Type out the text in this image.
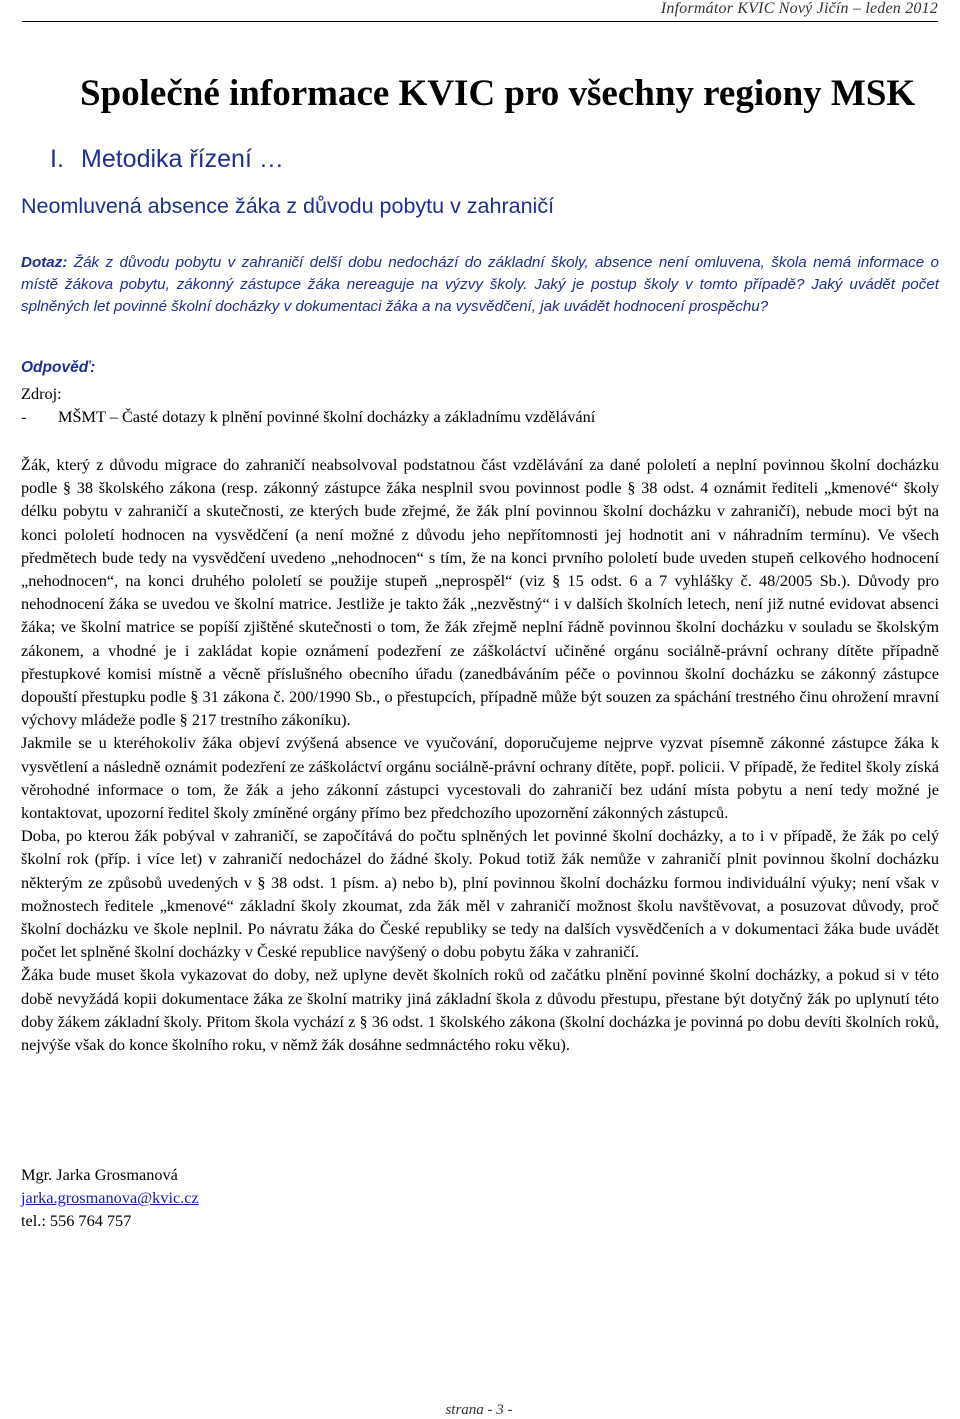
Informátor KVIC Nový Jičín – leden 2012
Společné informace KVIC pro všechny regiony MSK
I. Metodika řízení …
Neomluvená absence žáka z důvodu pobytu v zahraničí
Dotaz: Žák z důvodu pobytu v zahraničí delší dobu nedochází do základní školy, absence není omluvena, škola nemá informace o místě žákova pobytu, zákonný zástupce žáka nereaguje na výzvy školy. Jaký je postup školy v tomto případě? Jaký uvádět počet splněných let povinné školní docházky v dokumentaci žáka a na vysvědčení, jak uvádět hodnocení prospěchu?
Odpověď:
Zdroj:
- MŠMT – Časté dotazy k plnění povinné školní docházky a základnímu vzdělávání

Žák, který z důvodu migrace do zahraničí neabsolvoval podstatnou část vzdělávání za dané pololetí a neplní povinnou školní docházku podle § 38 školského zákona (resp. zákonný zástupce žáka nesplnil svou povinnost podle § 38 odst. 4 oznámit řediteli „kmenové“ školy délku pobytu v zahraničí a skutečnosti, ze kterých bude zřejmé, že žák plní povinnou školní docházku v zahraničí), nebude moci být na konci pololetí hodnocen na vysvědčení (a není možné z důvodu jeho nepřítomnosti jej hodnotit ani v náhradním termínu). Ve všech předmětech bude tedy na vysvědčení uvedeno „nehodnocen“ s tím, že na konci prvního pololetí bude uveden stupeň celkového hodnocení „nehodnocen“, na konci druhého pololetí se použije stupeň „neprospěl“ (viz § 15 odst. 6 a 7 vyhlášky č. 48/2005 Sb.). Důvody pro nehodnocení žáka se uvedou ve školní matrice. Jestliže je takto žák „nezvěstný“ i v dalších školních letech, není již nutné evidovat absenci žáka; ve školní matrice se popíší zjištěné skutečnosti o tom, že žák zřejmě neplní řádně povinnou školní docházku v souladu se školským zákonem, a vhodné je i zakládat kopie oznámení podezření ze záškoláctví učiněné orgánu sociálně-právní ochrany dítěte případně přestupkové komisi místně a věcně příslušného obecního úřadu (zanedbáváním péče o povinnou školní docházku se zákonný zástupce dopouští přestupku podle § 31 zákona č. 200/1990 Sb., o přestupcích, případně může být souzen za spáchání trestného činu ohrožení mravní výchovy mládeže podle § 217 trestního zákoníku).

Jakmile se u kteréhokoliv žáka objeví zvýšená absence ve vyučování, doporučujeme nejprve vyzvat písemně zákonné zástupce žáka k vysvětlení a následně oznámit podezření ze záškoláctví orgánu sociálně-právní ochrany dítěte, popř. policii. V případě, že ředitel školy získá věrohodné informace o tom, že žák a jeho zákonní zástupci vycestovali do zahraničí bez udání místa pobytu a není tedy možné je kontaktovat, upozorní ředitel školy zmíněné orgány přímo bez předchozího upozornění zákonných zástupců.

Doba, po kterou žák pobýval v zahraničí, se započítává do počtu splněných let povinné školní docházky, a to i v případě, že žák po celý školní rok (příp. i více let) v zahraničí nedocházel do žádné školy. Pokud totiž žák nemůže v zahraničí plnit povinnou školní docházku některým ze způsobů uvedených v § 38 odst. 1 písm. a) nebo b), plní povinnou školní docházku formou individuální výuky; není však v možnostech ředitele „kmenové“ základní školy zkoumat, zda žák měl v zahraničí možnost školu navštěvovat, a posuzovat důvody, proč školní docházku ve škole neplnil. Po návratu žáka do České republiky se tedy na dalších vysvědčeních a v dokumentaci žáka bude uvádět počet let splněné školní docházky v České republice navýšený o dobu pobytu žáka v zahraničí.

Žáka bude muset škola vykazovat do doby, než uplyne devět školních roků od začátku plnění povinné školní docházky, a pokud si v této době nevyžádá kopii dokumentace žáka ze školní matriky jiná základní škola z důvodu přestupu, přestane být dotyčný žák po uplynutí této doby žákem základní školy. Přitom škola vychází z § 36 odst. 1 školského zákona (školní docházka je povinná po dobu devíti školních roků, nejvýše však do konce školního roku, v němž žák dosáhne sedmnáctého roku věku).

Mgr. Jarka Grosmanová
jarka.grosmanova@kvic.cz
tel.: 556 764 757
strana - 3 -
